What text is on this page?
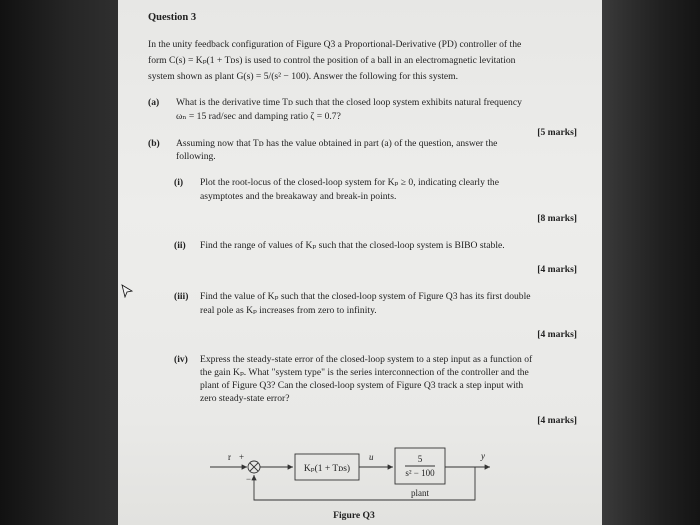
Question 3
In the unity feedback configuration of Figure Q3 a Proportional-Derivative (PD) controller of the
form C(s) = Kₚ(1 + Tᴅs) is used to control the position of a ball in an electromagnetic levitation
system shown as plant G(s) = 5/(s² − 100). Answer the following for this system.
(a) What is the derivative time Tᴅ such that the closed loop system exhibits natural frequency
ωₙ = 15 rad/sec and damping ratio ζ = 0.7?
[5 marks]
(b) Assuming now that Tᴅ has the value obtained in part (a) of the question, answer the
following.
(i) Plot the root-locus of the closed-loop system for Kₚ ≥ 0, indicating clearly the
asymptotes and the breakaway and break-in points.
[8 marks]
(ii) Find the range of values of Kₚ such that the closed-loop system is BIBO stable.
[4 marks]
(iii) Find the value of Kₚ such that the closed-loop system of Figure Q3 has its first double
real pole as Kₚ increases from zero to infinity.
[4 marks]
(iv) Express the steady-state error of the closed-loop system to a step input as a function of
the gain Kₚ. What "system type" is the series interconnection of the controller and the
plant of Figure Q3? Can the closed-loop system of Figure Q3 track a step input with
zero steady-state error?
[4 marks]
r +
−
Kₚ(1 + Tᴅs)
u	5
s² − 100
plant
y
Figure Q3
